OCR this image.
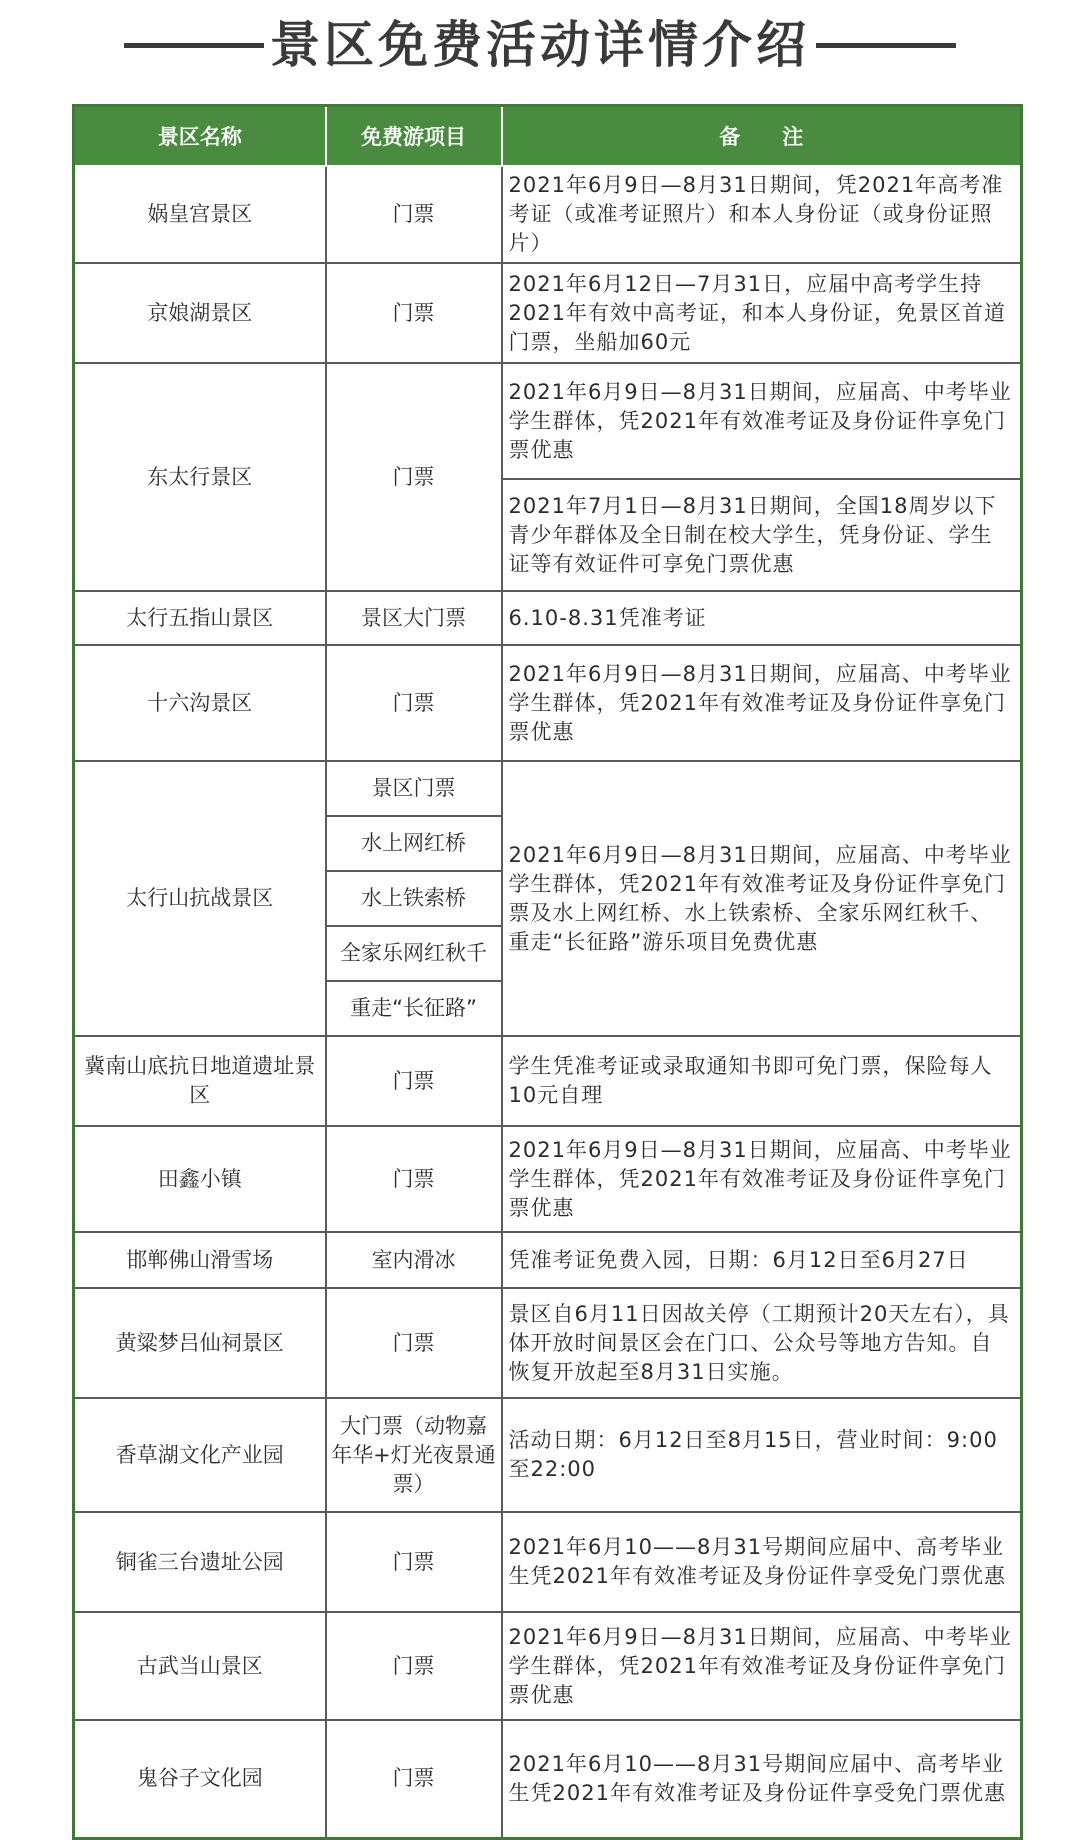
景区免费活动详情介绍
景区名称	免费游项目	备　　注
娲皇宫景区	门票	2021年6月9日—8月31日期间，凭2021年高考准考证（或准考证照片）和本人身份证（或身份证照片）
京娘湖景区	门票	2021年6月12日—7月31日，应届中高考学生持2021年有效中高考证，和本人身份证，免景区首道门票，坐船加60元
东太行景区	门票	2021年6月9日—8月31日期间，应届高、中考毕业学生群体，凭2021年有效准考证及身份证件享免门票优惠
		2021年7月1日—8月31日期间，全国18周岁以下青少年群体及全日制在校大学生，凭身份证、学生证等有效证件可享免门票优惠
太行五指山景区	景区大门票	6.10-8.31凭准考证
十六沟景区	门票	2021年6月9日—8月31日期间，应届高、中考毕业学生群体，凭2021年有效准考证及身份证件享免门票优惠
太行山抗战景区	景区门票	2021年6月9日—8月31日期间，应届高、中考毕业学生群体，凭2021年有效准考证及身份证件享免门票及水上网红桥、水上铁索桥、全家乐网红秋千、重走“长征路”游乐项目免费优惠
	水上网红桥	
	水上铁索桥	
	全家乐网红秋千	
	重走“长征路”	
冀南山底抗日地道遗址景区	门票	学生凭准考证或录取通知书即可免门票，保险每人10元自理
田鑫小镇	门票	2021年6月9日—8月31日期间，应届高、中考毕业学生群体，凭2021年有效准考证及身份证件享免门票优惠
邯郸佛山滑雪场	室内滑冰	凭准考证免费入园，日期：6月12日至6月27日
黄粱梦吕仙祠景区	门票	景区自6月11日因故关停（工期预计20天左右），具体开放时间景区会在门口、公众号等地方告知。自恢复开放起至8月31日实施。
香草湖文化产业园	大门票（动物嘉年华+灯光夜景通票）	活动日期：6月12日至8月15日，营业时间：9:00至22:00
铜雀三台遗址公园	门票	2021年6月10——8月31号期间应届中、高考毕业生凭2021年有效准考证及身份证件享受免门票优惠
古武当山景区	门票	2021年6月9日—8月31日期间，应届高、中考毕业学生群体，凭2021年有效准考证及身份证件享免门票优惠
鬼谷子文化园	门票	2021年6月10——8月31号期间应届中、高考毕业生凭2021年有效准考证及身份证件享受免门票优惠
